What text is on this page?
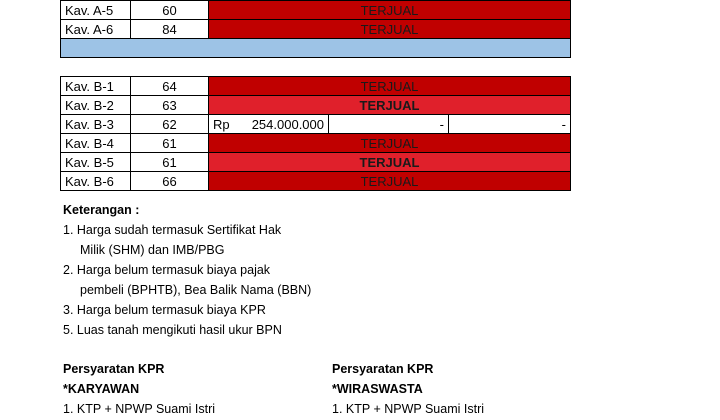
Kav. A-5	60	TERJUAL		
Kav. A-6	84	TERJUAL		

Kav. B-1	64	TERJUAL		
Kav. B-2	63	TERJUAL		
Kav. B-3	62	Rp 254.000.000	-	-
Kav. B-4	61	TERJUAL		
Kav. B-5	61	TERJUAL		
Kav. B-6	66	TERJUAL		
Keterangan :
1. Harga sudah termasuk Sertifikat Hak
Milik (SHM) dan IMB/PBG
2. Harga belum termasuk biaya pajak
pembeli (BPHTB), Bea Balik Nama (BBN)
3. Harga belum termasuk biaya KPR
5. Luas tanah mengikuti hasil ukur BPN
Persyaratan KPR
*KARYAWAN
1. KTP + NPWP Suami Istri
Persyaratan KPR
*WIRASWASTA
1. KTP + NPWP Suami Istri
